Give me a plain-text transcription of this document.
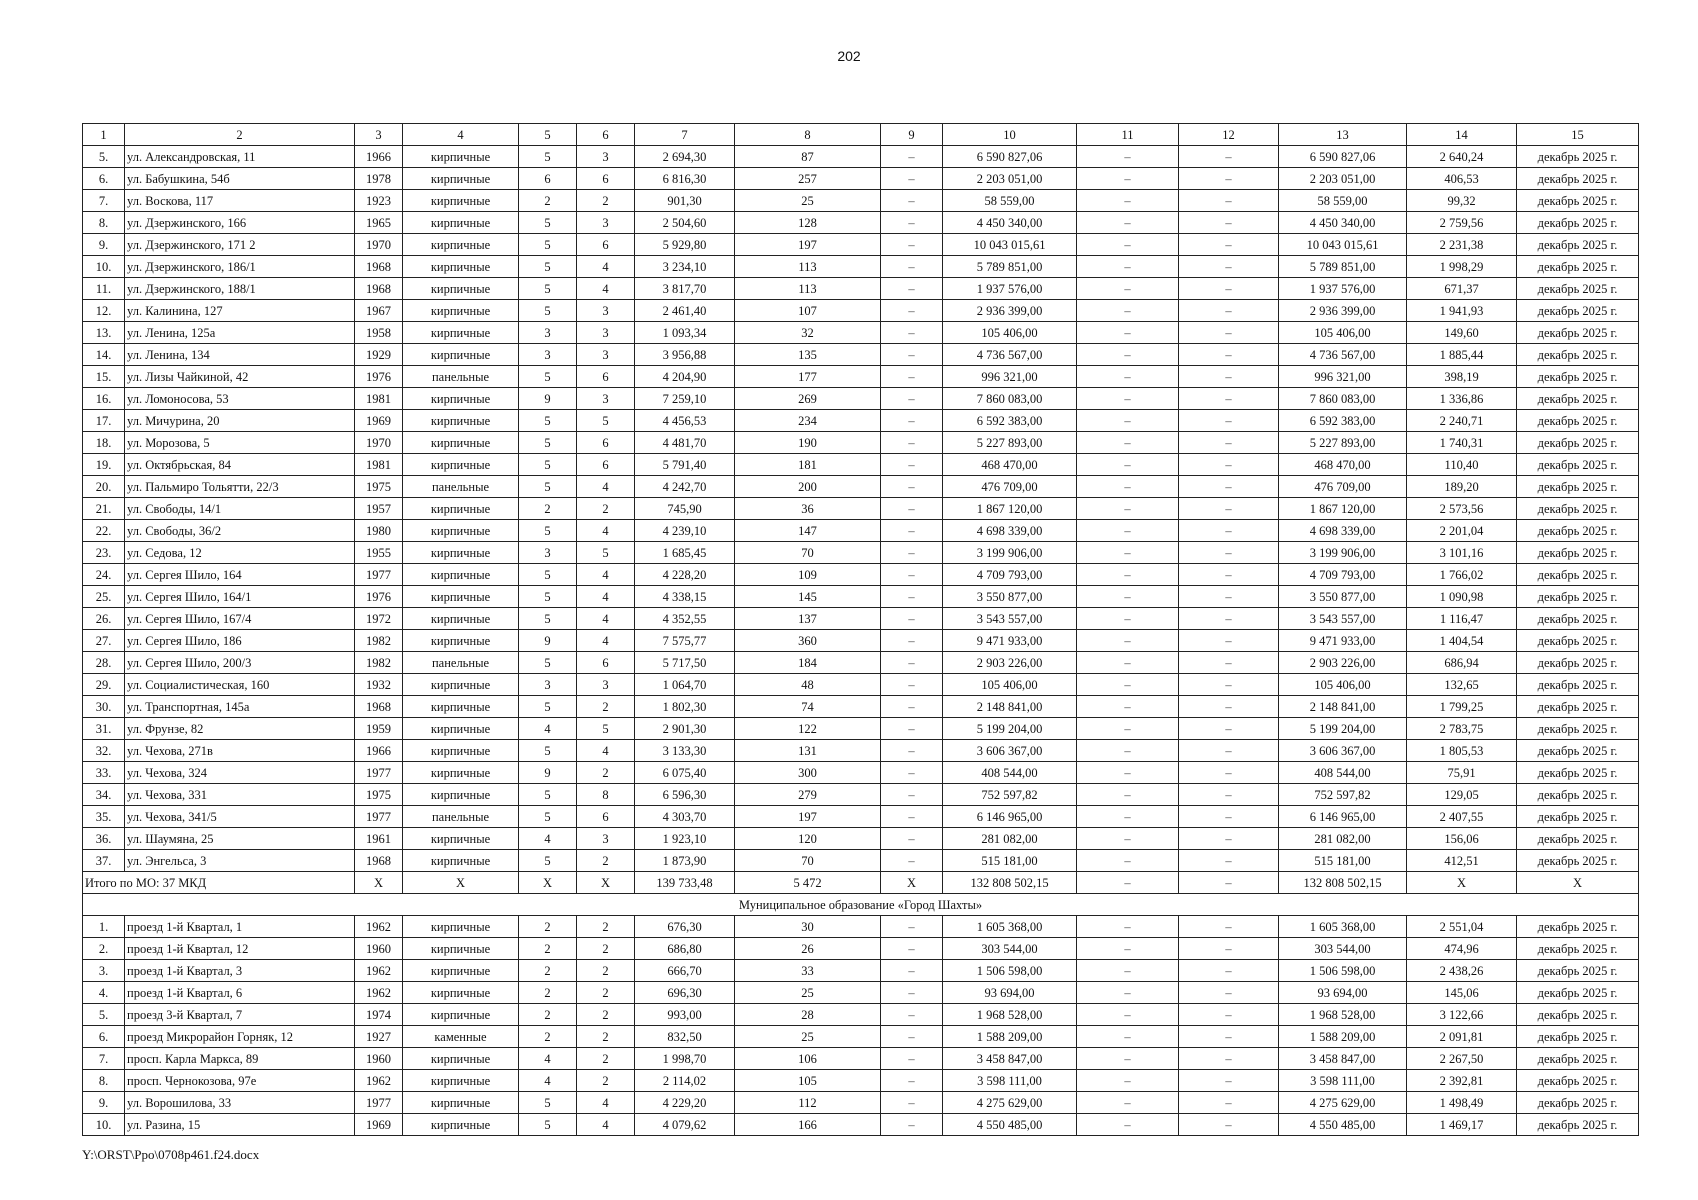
202
1	2	3	4	5	6	7	8	9	10	11	12	13	14	15
5.	ул. Александровская, 11	1966	кирпичные	5	3	2 694,30	87	–	6 590 827,06	–	–	6 590 827,06	2 640,24	декабрь 2025 г.
6.	ул. Бабушкина, 54б	1978	кирпичные	6	6	6 816,30	257	–	2 203 051,00	–	–	2 203 051,00	406,53	декабрь 2025 г.
7.	ул. Воскова, 117	1923	кирпичные	2	2	901,30	25	–	58 559,00	–	–	58 559,00	99,32	декабрь 2025 г.
8.	ул. Дзержинского, 166	1965	кирпичные	5	3	2 504,60	128	–	4 450 340,00	–	–	4 450 340,00	2 759,56	декабрь 2025 г.
9.	ул. Дзержинского, 171 2	1970	кирпичные	5	6	5 929,80	197	–	10 043 015,61	–	–	10 043 015,61	2 231,38	декабрь 2025 г.
10.	ул. Дзержинского, 186/1	1968	кирпичные	5	4	3 234,10	113	–	5 789 851,00	–	–	5 789 851,00	1 998,29	декабрь 2025 г.
11.	ул. Дзержинского, 188/1	1968	кирпичные	5	4	3 817,70	113	–	1 937 576,00	–	–	1 937 576,00	671,37	декабрь 2025 г.
12.	ул. Калинина, 127	1967	кирпичные	5	3	2 461,40	107	–	2 936 399,00	–	–	2 936 399,00	1 941,93	декабрь 2025 г.
13.	ул. Ленина, 125а	1958	кирпичные	3	3	1 093,34	32	–	105 406,00	–	–	105 406,00	149,60	декабрь 2025 г.
14.	ул. Ленина, 134	1929	кирпичные	3	3	3 956,88	135	–	4 736 567,00	–	–	4 736 567,00	1 885,44	декабрь 2025 г.
15.	ул. Лизы Чайкиной, 42	1976	панельные	5	6	4 204,90	177	–	996 321,00	–	–	996 321,00	398,19	декабрь 2025 г.
16.	ул. Ломоносова, 53	1981	кирпичные	9	3	7 259,10	269	–	7 860 083,00	–	–	7 860 083,00	1 336,86	декабрь 2025 г.
17.	ул. Мичурина, 20	1969	кирпичные	5	5	4 456,53	234	–	6 592 383,00	–	–	6 592 383,00	2 240,71	декабрь 2025 г.
18.	ул. Морозова, 5	1970	кирпичные	5	6	4 481,70	190	–	5 227 893,00	–	–	5 227 893,00	1 740,31	декабрь 2025 г.
19.	ул. Октябрьская, 84	1981	кирпичные	5	6	5 791,40	181	–	468 470,00	–	–	468 470,00	110,40	декабрь 2025 г.
20.	ул. Пальмиро Тольятти, 22/3	1975	панельные	5	4	4 242,70	200	–	476 709,00	–	–	476 709,00	189,20	декабрь 2025 г.
21.	ул. Свободы, 14/1	1957	кирпичные	2	2	745,90	36	–	1 867 120,00	–	–	1 867 120,00	2 573,56	декабрь 2025 г.
22.	ул. Свободы, 36/2	1980	кирпичные	5	4	4 239,10	147	–	4 698 339,00	–	–	4 698 339,00	2 201,04	декабрь 2025 г.
23.	ул. Седова, 12	1955	кирпичные	3	5	1 685,45	70	–	3 199 906,00	–	–	3 199 906,00	3 101,16	декабрь 2025 г.
24.	ул. Сергея Шило, 164	1977	кирпичные	5	4	4 228,20	109	–	4 709 793,00	–	–	4 709 793,00	1 766,02	декабрь 2025 г.
25.	ул. Сергея Шило, 164/1	1976	кирпичные	5	4	4 338,15	145	–	3 550 877,00	–	–	3 550 877,00	1 090,98	декабрь 2025 г.
26.	ул. Сергея Шило, 167/4	1972	кирпичные	5	4	4 352,55	137	–	3 543 557,00	–	–	3 543 557,00	1 116,47	декабрь 2025 г.
27.	ул. Сергея Шило, 186	1982	кирпичные	9	4	7 575,77	360	–	9 471 933,00	–	–	9 471 933,00	1 404,54	декабрь 2025 г.
28.	ул. Сергея Шило, 200/3	1982	панельные	5	6	5 717,50	184	–	2 903 226,00	–	–	2 903 226,00	686,94	декабрь 2025 г.
29.	ул. Социалистическая, 160	1932	кирпичные	3	3	1 064,70	48	–	105 406,00	–	–	105 406,00	132,65	декабрь 2025 г.
30.	ул. Транспортная, 145а	1968	кирпичные	5	2	1 802,30	74	–	2 148 841,00	–	–	2 148 841,00	1 799,25	декабрь 2025 г.
31.	ул. Фрунзе, 82	1959	кирпичные	4	5	2 901,30	122	–	5 199 204,00	–	–	5 199 204,00	2 783,75	декабрь 2025 г.
32.	ул. Чехова, 271в	1966	кирпичные	5	4	3 133,30	131	–	3 606 367,00	–	–	3 606 367,00	1 805,53	декабрь 2025 г.
33.	ул. Чехова, 324	1977	кирпичные	9	2	6 075,40	300	–	408 544,00	–	–	408 544,00	75,91	декабрь 2025 г.
34.	ул. Чехова, 331	1975	кирпичные	5	8	6 596,30	279	–	752 597,82	–	–	752 597,82	129,05	декабрь 2025 г.
35.	ул. Чехова, 341/5	1977	панельные	5	6	4 303,70	197	–	6 146 965,00	–	–	6 146 965,00	2 407,55	декабрь 2025 г.
36.	ул. Шаумяна, 25	1961	кирпичные	4	3	1 923,10	120	–	281 082,00	–	–	281 082,00	156,06	декабрь 2025 г.
37.	ул. Энгельса, 3	1968	кирпичные	5	2	1 873,90	70	–	515 181,00	–	–	515 181,00	412,51	декабрь 2025 г.
Итого по МО: 37 МКД		X	X	X	X	139 733,48	5 472	X	132 808 502,15	–	–	132 808 502,15	X	X
Муниципальное образование «Город Шахты»														
1.	проезд 1-й Квартал, 1	1962	кирпичные	2	2	676,30	30	–	1 605 368,00	–	–	1 605 368,00	2 551,04	декабрь 2025 г.
2.	проезд 1-й Квартал, 12	1960	кирпичные	2	2	686,80	26	–	303 544,00	–	–	303 544,00	474,96	декабрь 2025 г.
3.	проезд 1-й Квартал, 3	1962	кирпичные	2	2	666,70	33	–	1 506 598,00	–	–	1 506 598,00	2 438,26	декабрь 2025 г.
4.	проезд 1-й Квартал, 6	1962	кирпичные	2	2	696,30	25	–	93 694,00	–	–	93 694,00	145,06	декабрь 2025 г.
5.	проезд 3-й Квартал, 7	1974	кирпичные	2	2	993,00	28	–	1 968 528,00	–	–	1 968 528,00	3 122,66	декабрь 2025 г.
6.	проезд Микрорайон Горняк, 12	1927	каменные	2	2	832,50	25	–	1 588 209,00	–	–	1 588 209,00	2 091,81	декабрь 2025 г.
7.	просп. Карла Маркса, 89	1960	кирпичные	4	2	1 998,70	106	–	3 458 847,00	–	–	3 458 847,00	2 267,50	декабрь 2025 г.
8.	просп. Чернокозова, 97е	1962	кирпичные	4	2	2 114,02	105	–	3 598 111,00	–	–	3 598 111,00	2 392,81	декабрь 2025 г.
9.	ул. Ворошилова, 33	1977	кирпичные	5	4	4 229,20	112	–	4 275 629,00	–	–	4 275 629,00	1 498,49	декабрь 2025 г.
10.	ул. Разина, 15	1969	кирпичные	5	4	4 079,62	166	–	4 550 485,00	–	–	4 550 485,00	1 469,17	декабрь 2025 г.
Y:\ORST\Ppo\0708p461.f24.docx
